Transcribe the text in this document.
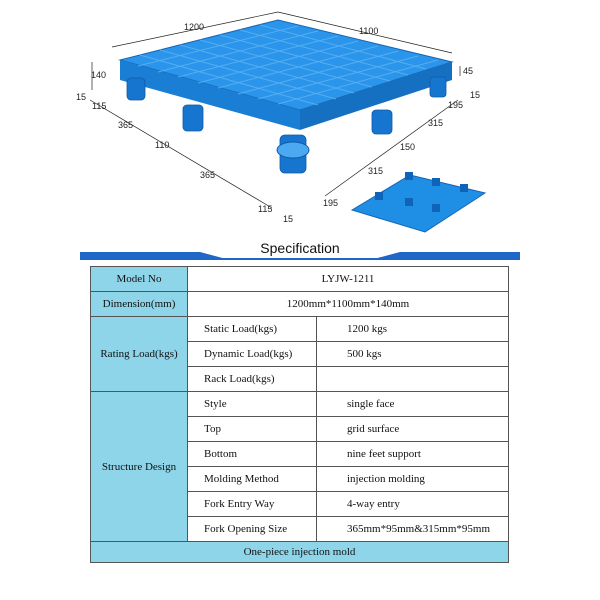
1200	1100
140	45
15
115
365
110
365
115
15
195
315
150
315
195
15
Specification
Model No	LYJW-1211	
Dimension(mm)	1200mm*1100mm*140mm	
Rating Load(kgs)	Static Load(kgs)	1200 kgs
	Dynamic Load(kgs)	500 kgs
	Rack Load(kgs)	
Structure Design	Style	single face
	Top	grid surface
	Bottom	nine feet support
	Molding Method	injection molding
	Fork Entry Way	4-way entry
	Fork Opening Size	365mm*95mm&315mm*95mm
One-piece injection mold		
